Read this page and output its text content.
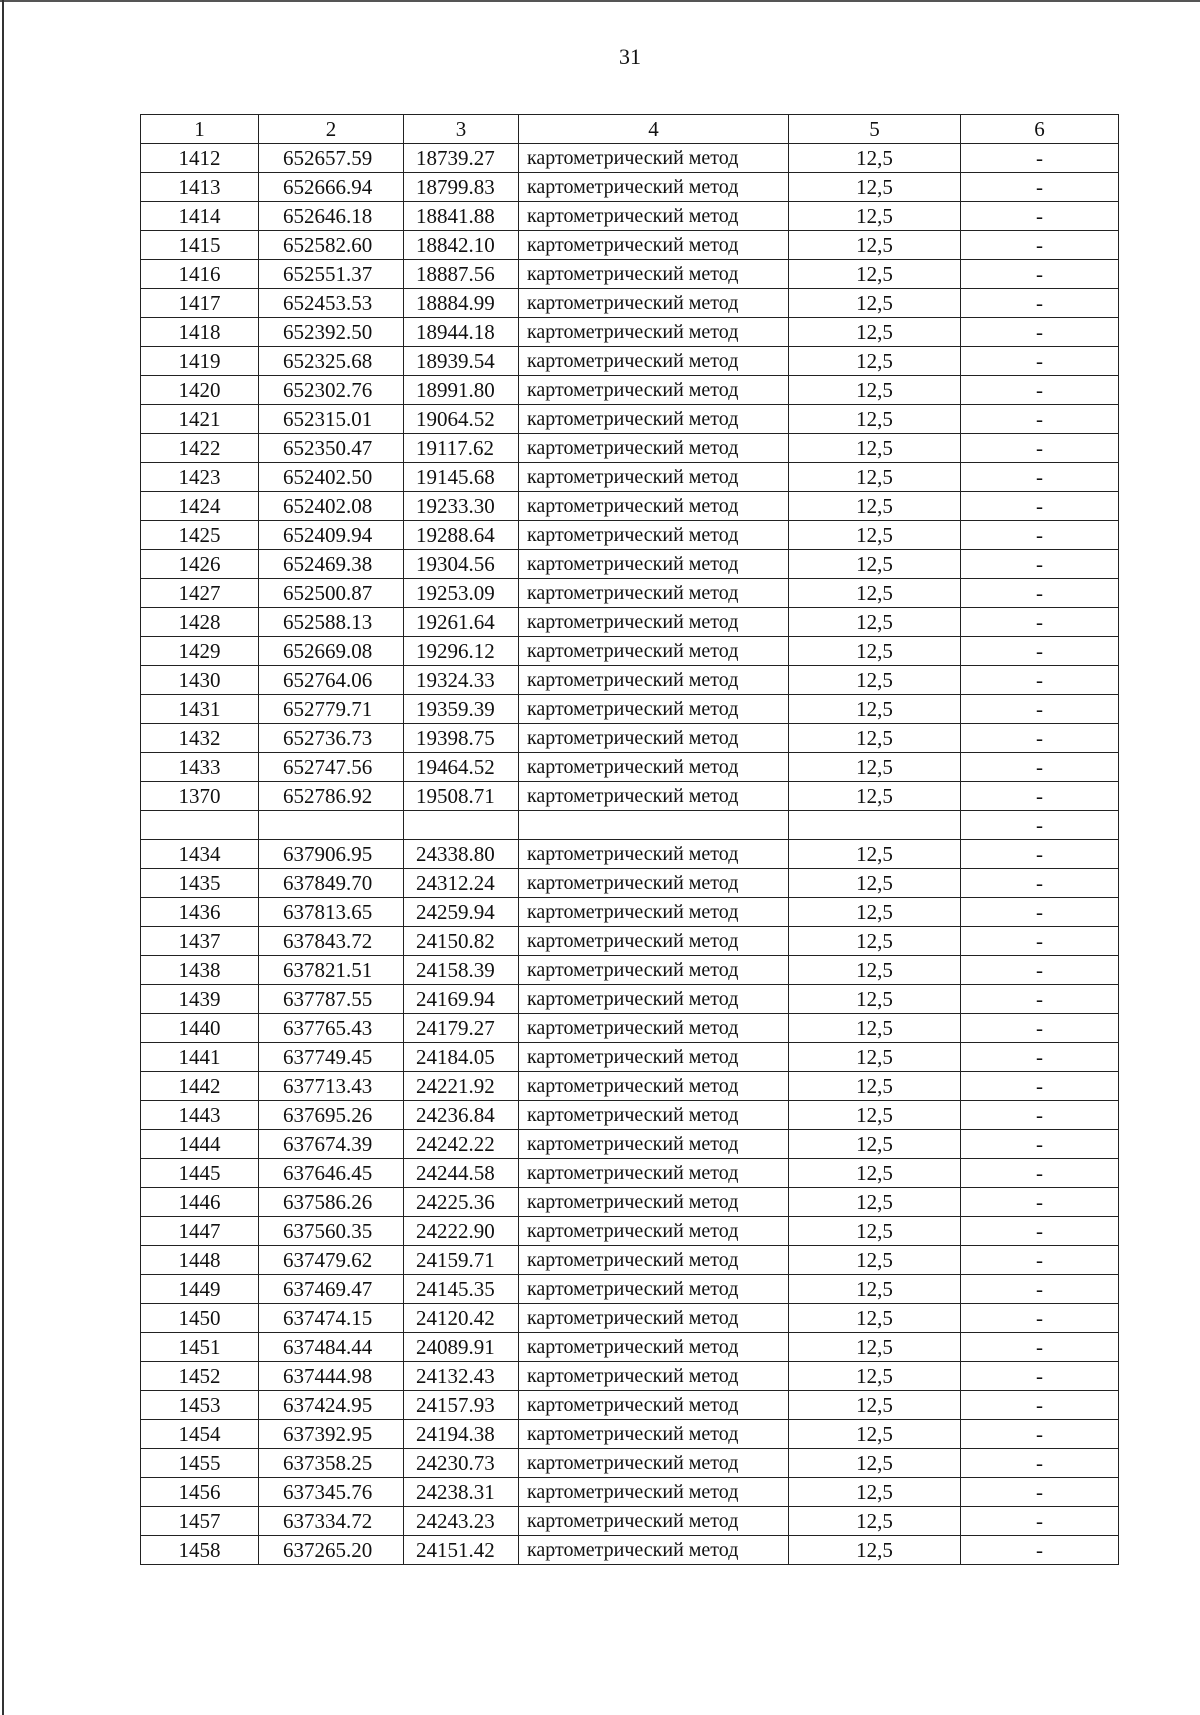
31
1	2	3	4	5	6
1412	652657.59	18739.27	картометрический метод	12,5	-
1413	652666.94	18799.83	картометрический метод	12,5	-
1414	652646.18	18841.88	картометрический метод	12,5	-
1415	652582.60	18842.10	картометрический метод	12,5	-
1416	652551.37	18887.56	картометрический метод	12,5	-
1417	652453.53	18884.99	картометрический метод	12,5	-
1418	652392.50	18944.18	картометрический метод	12,5	-
1419	652325.68	18939.54	картометрический метод	12,5	-
1420	652302.76	18991.80	картометрический метод	12,5	-
1421	652315.01	19064.52	картометрический метод	12,5	-
1422	652350.47	19117.62	картометрический метод	12,5	-
1423	652402.50	19145.68	картометрический метод	12,5	-
1424	652402.08	19233.30	картометрический метод	12,5	-
1425	652409.94	19288.64	картометрический метод	12,5	-
1426	652469.38	19304.56	картометрический метод	12,5	-
1427	652500.87	19253.09	картометрический метод	12,5	-
1428	652588.13	19261.64	картометрический метод	12,5	-
1429	652669.08	19296.12	картометрический метод	12,5	-
1430	652764.06	19324.33	картометрический метод	12,5	-
1431	652779.71	19359.39	картометрический метод	12,5	-
1432	652736.73	19398.75	картометрический метод	12,5	-
1433	652747.56	19464.52	картометрический метод	12,5	-
1370	652786.92	19508.71	картометрический метод	12,5	-
					-
1434	637906.95	24338.80	картометрический метод	12,5	-
1435	637849.70	24312.24	картометрический метод	12,5	-
1436	637813.65	24259.94	картометрический метод	12,5	-
1437	637843.72	24150.82	картометрический метод	12,5	-
1438	637821.51	24158.39	картометрический метод	12,5	-
1439	637787.55	24169.94	картометрический метод	12,5	-
1440	637765.43	24179.27	картометрический метод	12,5	-
1441	637749.45	24184.05	картометрический метод	12,5	-
1442	637713.43	24221.92	картометрический метод	12,5	-
1443	637695.26	24236.84	картометрический метод	12,5	-
1444	637674.39	24242.22	картометрический метод	12,5	-
1445	637646.45	24244.58	картометрический метод	12,5	-
1446	637586.26	24225.36	картометрический метод	12,5	-
1447	637560.35	24222.90	картометрический метод	12,5	-
1448	637479.62	24159.71	картометрический метод	12,5	-
1449	637469.47	24145.35	картометрический метод	12,5	-
1450	637474.15	24120.42	картометрический метод	12,5	-
1451	637484.44	24089.91	картометрический метод	12,5	-
1452	637444.98	24132.43	картометрический метод	12,5	-
1453	637424.95	24157.93	картометрический метод	12,5	-
1454	637392.95	24194.38	картометрический метод	12,5	-
1455	637358.25	24230.73	картометрический метод	12,5	-
1456	637345.76	24238.31	картометрический метод	12,5	-
1457	637334.72	24243.23	картометрический метод	12,5	-
1458	637265.20	24151.42	картометрический метод	12,5	-
